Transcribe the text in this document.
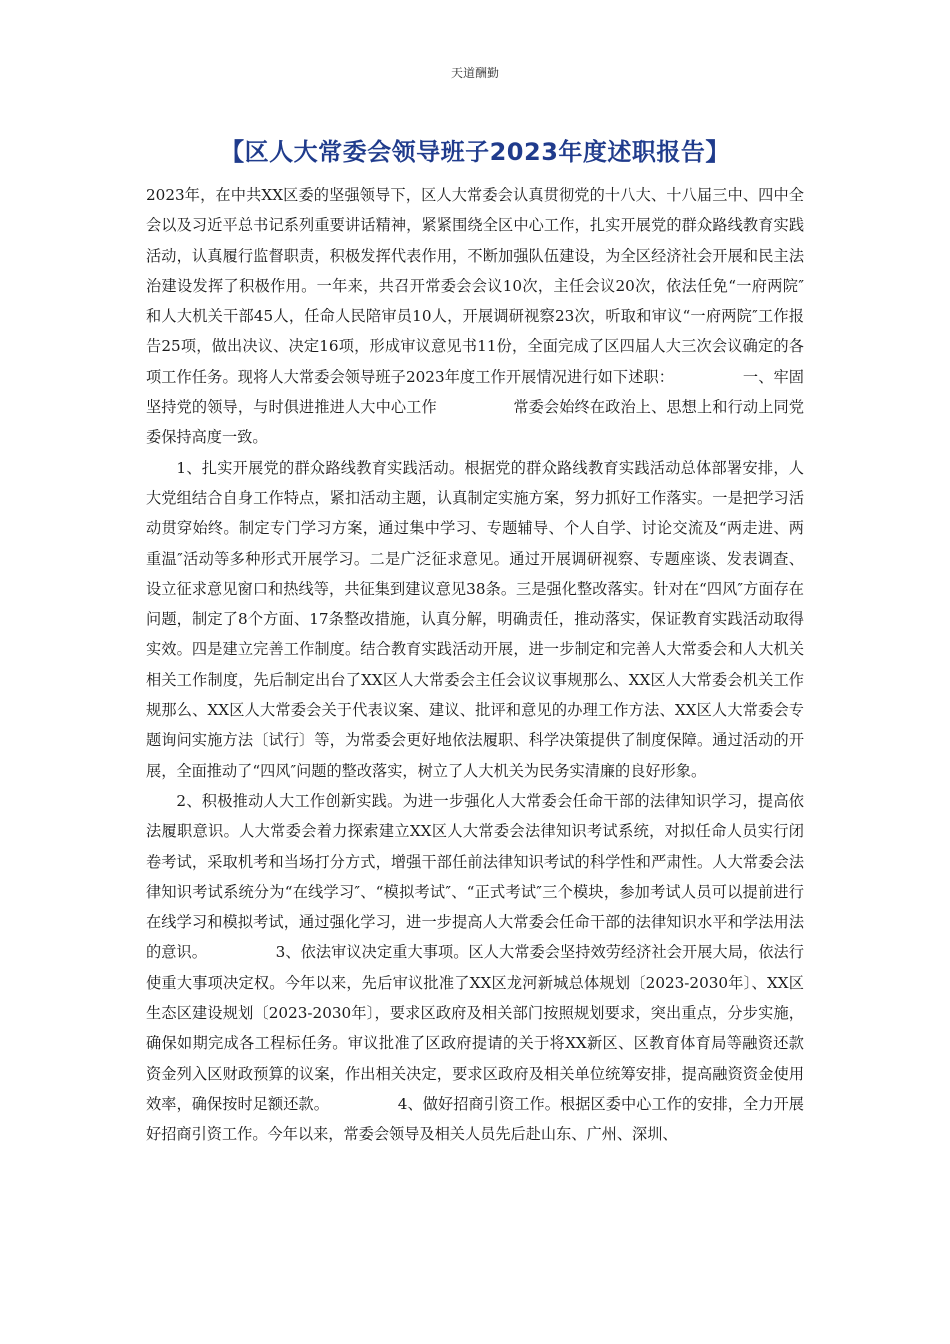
天道酬勤
【区人大常委会领导班子2023年度述职报告】

2023年，在中共XX区委的坚强领导下，区人大常委会认真贯彻党的十八大、十八届三中、四中全会以及习近平总书记系列重要讲话精神，紧紧围绕全区中心工作，扎实开展党的群众路线教育实践活动，认真履行监督职责，积极发挥代表作用，不断加强队伍建设，为全区经济社会开展和民主法治建设发挥了积极作用。一年来，共召开常委会会议10次，主任会议20次，依法任免“一府两院″和人大机关干部45人，任命人民陪审员10人，开展调研视察23次，听取和审议“一府两院″工作报告25项，做出决议、决定16项，形成审议意见书11份，全面完成了区四届人大三次会议确定的各项工作任务。现将人大常委会领导班子2023年度工作开展情况进行如下述职：　　　　　一、牢固坚持党的领导，与时俱进推进人大中心工作　　　　　常委会始终在政治上、思想上和行动上同党委保持高度一致。

1、扎实开展党的群众路线教育实践活动。根据党的群众路线教育实践活动总体部署安排，人大党组结合自身工作特点，紧扣活动主题，认真制定实施方案，努力抓好工作落实。一是把学习活动贯穿始终。制定专门学习方案，通过集中学习、专题辅导、个人自学、讨论交流及“两走进、两重温″活动等多种形式开展学习。二是广泛征求意见。通过开展调研视察、专题座谈、发表调查、设立征求意见窗口和热线等，共征集到建议意见38条。三是强化整改落实。针对在“四风″方面存在问题，制定了8个方面、17条整改措施，认真分解，明确责任，推动落实，保证教育实践活动取得实效。四是建立完善工作制度。结合教育实践活动开展，进一步制定和完善人大常委会和人大机关相关工作制度，先后制定出台了XX区人大常委会主任会议议事规那么、XX区人大常委会机关工作规那么、XX区人大常委会关于代表议案、建议、批评和意见的办理工作方法、XX区人大常委会专题询问实施方法〔试行〕等，为常委会更好地依法履职、科学决策提供了制度保障。通过活动的开展，全面推动了“四风″问题的整改落实，树立了人大机关为民务实清廉的良好形象。

2、积极推动人大工作创新实践。为进一步强化人大常委会任命干部的法律知识学习，提高依法履职意识。人大常委会着力探索建立XX区人大常委会法律知识考试系统，对拟任命人员实行闭卷考试，采取机考和当场打分方式，增强干部任前法律知识考试的科学性和严肃性。人大常委会法律知识考试系统分为“在线学习″、“模拟考试″、“正式考试″三个模块，参加考试人员可以提前进行在线学习和模拟考试，通过强化学习，进一步提高人大常委会任命干部的法律知识水平和学法用法的意识。　　　　　3、依法审议决定重大事项。区人大常委会坚持效劳经济社会开展大局，依法行使重大事项决定权。今年以来，先后审议批准了XX区龙河新城总体规划〔2023-2030年〕、XX区生态区建设规划〔2023-2030年〕，要求区政府及相关部门按照规划要求，突出重点，分步实施，确保如期完成各工程标任务。审议批准了区政府提请的关于将XX新区、区教育体育局等融资还款资金列入区财政预算的议案，作出相关决定，要求区政府及相关单位统筹安排，提高融资资金使用效率，确保按时足额还款。　　　　　4、做好招商引资工作。根据区委中心工作的安排，全力开展好招商引资工作。今年以来，常委会领导及相关人员先后赴山东、广州、深圳、
